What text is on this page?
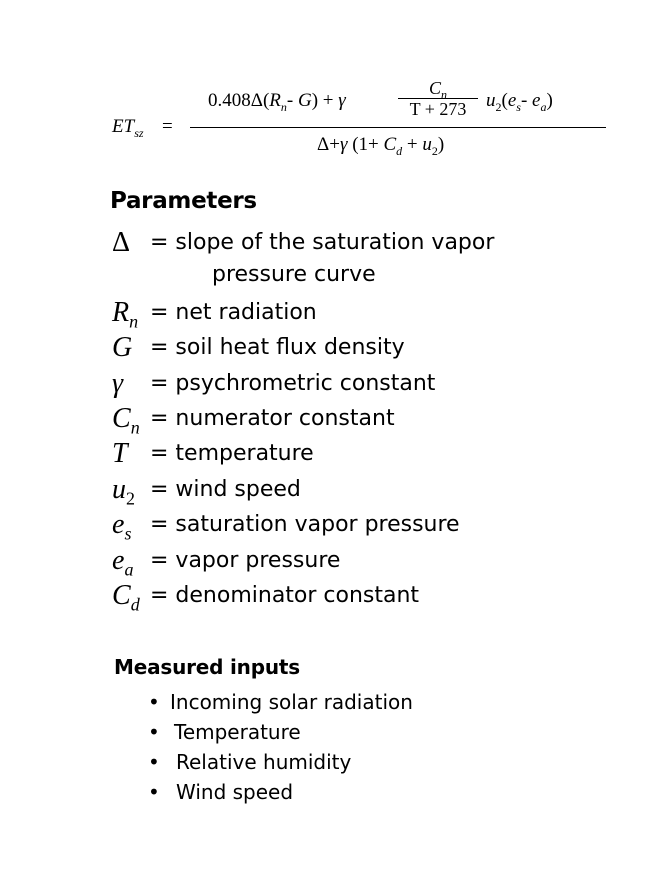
$ET_{sz}$ =
$0.408\Delta(R_n-$ G) + γ
$C_n$
T + 273	$u_2(e_s-$ $e_a$)
Δ+γ $(1+ C_d + u_2)$
Parameters
Δ = slope of the saturation vapor
pressure curve
$R_n$ = net radiation
G = soil heat flux density
γ = psychrometric constant
$C_n$ = numerator constant
T = temperature
$u_2$ = wind speed
$e_s$ = saturation vapor pressure
$e_a$ = vapor pressure
$C_d$ = denominator constant
Measured inputs
• Incoming solar radiation
• Temperature
• Relative humidity
• Wind speed
